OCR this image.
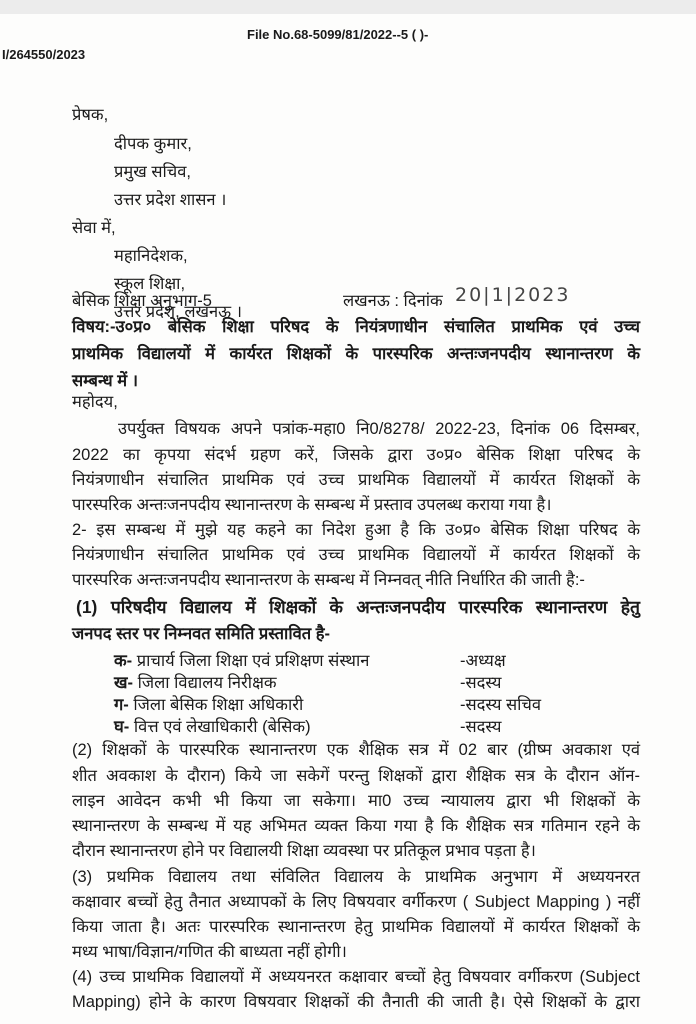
File No.68-5099/81/2022--5 ( )-
I/264550/2023
प्रेषक,
दीपक कुमार,
प्रमुख सचिव,
उत्तर प्रदेश शासन ।
सेवा में,
महानिदेशक,
स्कूल शिक्षा,
उत्तर प्रदेश, लखनऊ ।
बेसिक शिक्षा अनुभाग-5	लखनऊ : दिनांक 20|1|2023
विषय:-उ०प्र० बेसिक शिक्षा परिषद के नियंत्रणाधीन संचालित प्राथमिक एवं उच्च
प्राथमिक विद्यालयों में कार्यरत शिक्षकों के पारस्परिक अन्तःजनपदीय स्थानान्तरण के
सम्बन्ध में ।
महोदय,
उपर्युक्त विषयक अपने पत्रांक-महा0 नि0/8278/ 2022-23, दिनांक 06 दिसम्बर,
2022 का कृपया संदर्भ ग्रहण करें, जिसके द्वारा उ०प्र० बेसिक शिक्षा परिषद के
नियंत्रणाधीन संचालित प्राथमिक एवं उच्च प्राथमिक विद्यालयों में कार्यरत शिक्षकों के
पारस्परिक अन्तःजनपदीय स्थानान्तरण के सम्बन्ध में प्रस्ताव उपलब्ध कराया गया है।
2- इस सम्बन्ध में मुझे यह कहने का निदेश हुआ है कि उ०प्र० बेसिक शिक्षा परिषद के
नियंत्रणाधीन संचालित प्राथमिक एवं उच्च प्राथमिक विद्यालयों में कार्यरत शिक्षकों के
पारस्परिक अन्तःजनपदीय स्थानान्तरण के सम्बन्ध में निम्नवत् नीति निर्धारित की जाती है:-
(1) परिषदीय विद्यालय में शिक्षकों के अन्तःजनपदीय पारस्परिक स्थानान्तरण हेतु
जनपद स्तर पर निम्नवत समिति प्रस्तावित है-
क- प्राचार्य जिला शिक्षा एवं प्रशिक्षण संस्थान	-अध्यक्ष
ख- जिला विद्यालय निरीक्षक	-सदस्य
ग- जिला बेसिक शिक्षा अधिकारी	-सदस्य सचिव
घ- वित्त एवं लेखाधिकारी (बेसिक)	-सदस्य
(2) शिक्षकों के पारस्परिक स्थानान्तरण एक शैक्षिक सत्र में 02 बार (ग्रीष्म अवकाश एवं
शीत अवकाश के दौरान) किये जा सकेगें परन्तु शिक्षकों द्वारा शैक्षिक सत्र के दौरान ऑन-
लाइन आवेदन कभी भी किया जा सकेगा। मा0 उच्च न्यायालय द्वारा भी शिक्षकों के
स्थानान्तरण के सम्बन्ध में यह अभिमत व्यक्त किया गया है कि शैक्षिक सत्र गतिमान रहने के
दौरान स्थानान्तरण होने पर विद्यालयी शिक्षा व्यवस्था पर प्रतिकूल प्रभाव पड़ता है।
(3) प्रथमिक विद्यालय तथा संविलित विद्यालय के प्राथमिक अनुभाग में अध्ययनरत
कक्षावार बच्चों हेतु तैनात अध्यापकों के लिए विषयवार वर्गीकरण ( Subject Mapping ) नहीं
किया जाता है। अतः पारस्परिक स्थानान्तरण हेतु प्राथमिक विद्यालयों में कार्यरत शिक्षकों के
मध्य भाषा/विज्ञान/गणित की बाध्यता नहीं होगी।
(4) उच्च प्राथमिक विद्यालयों में अध्ययनरत कक्षावार बच्चों हेतु विषयवार वर्गीकरण (Subject
Mapping) होने के कारण विषयवार शिक्षकों की तैनाती की जाती है। ऐसे शिक्षकों के द्वारा
